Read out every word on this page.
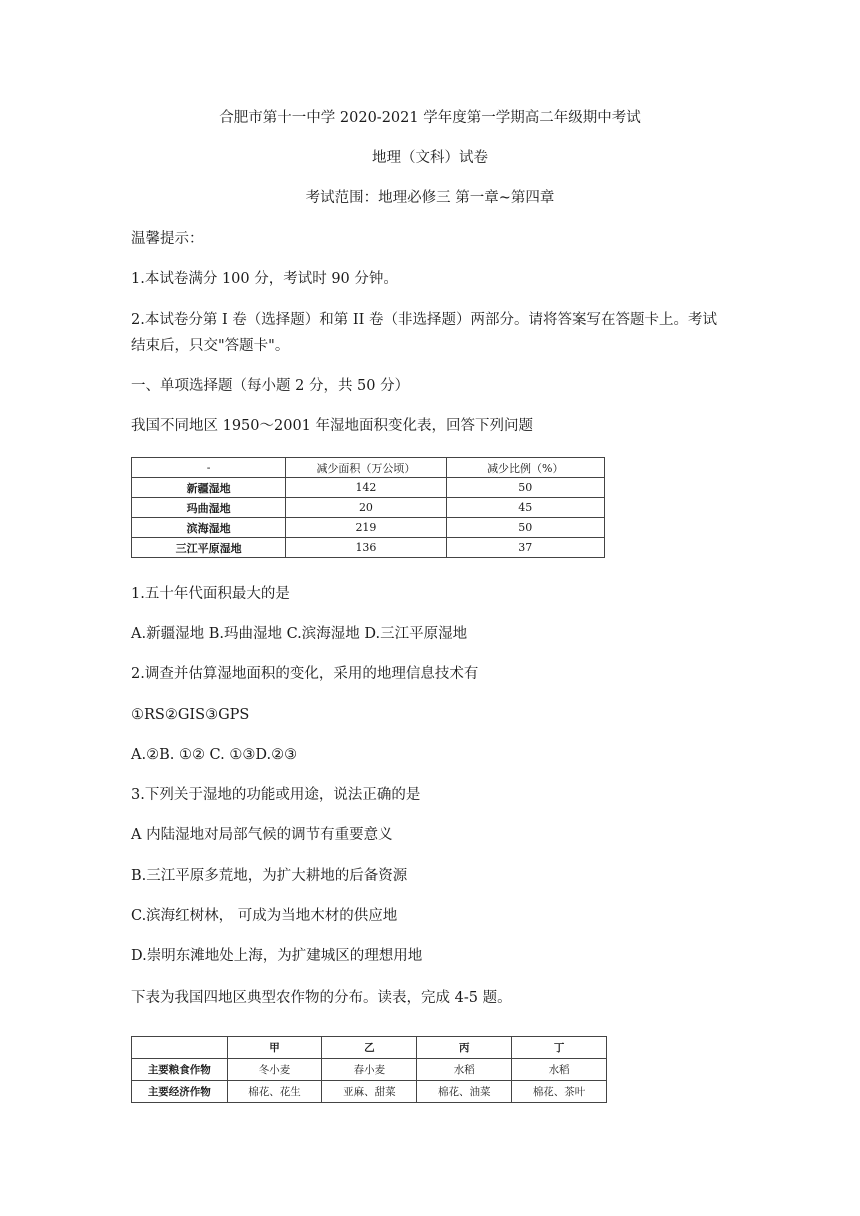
合肥市第十一中学 2020-2021 学年度第一学期高二年级期中考试
地理（文科）试卷
考试范围：地理必修三 第一章~第四章
温馨提示：
1.本试卷满分 100 分，考试时 90 分钟。
2.本试卷分第 I 卷（选择题）和第 II 卷（非选择题）两部分。请将答案写在答题卡上。考试
结束后，只交"答题卡"。
一、单项选择题（每小题 2 分，共 50 分）
我国不同地区 1950～2001 年湿地面积变化表，回答下列问题
-	减少面积（万公顷）	减少比例（%）
新疆湿地	142	50
玛曲湿地	20	45
滨海湿地	219	50
三江平原湿地	136	37
1.五十年代面积最大的是
A.新疆湿地 B.玛曲湿地 C.滨海湿地 D.三江平原湿地
2.调查并估算湿地面积的变化，采用的地理信息技术有
①RS②GIS③GPS
A.②B. ①② C. ①③D.②③
3.下列关于湿地的功能或用途，说法正确的是
A 内陆湿地对局部气候的调节有重要意义
B.三江平原多荒地，为扩大耕地的后备资源
C.滨海红树林， 可成为当地木材的供应地
D.崇明东滩地处上海，为扩建城区的理想用地
下表为我国四地区典型农作物的分布。读表，完成 4-5 题。
	甲	乙	丙	丁
主要粮食作物	冬小麦	春小麦	水稻	水稻
主要经济作物	棉花、花生	亚麻、甜菜	棉花、油菜	棉花、茶叶
